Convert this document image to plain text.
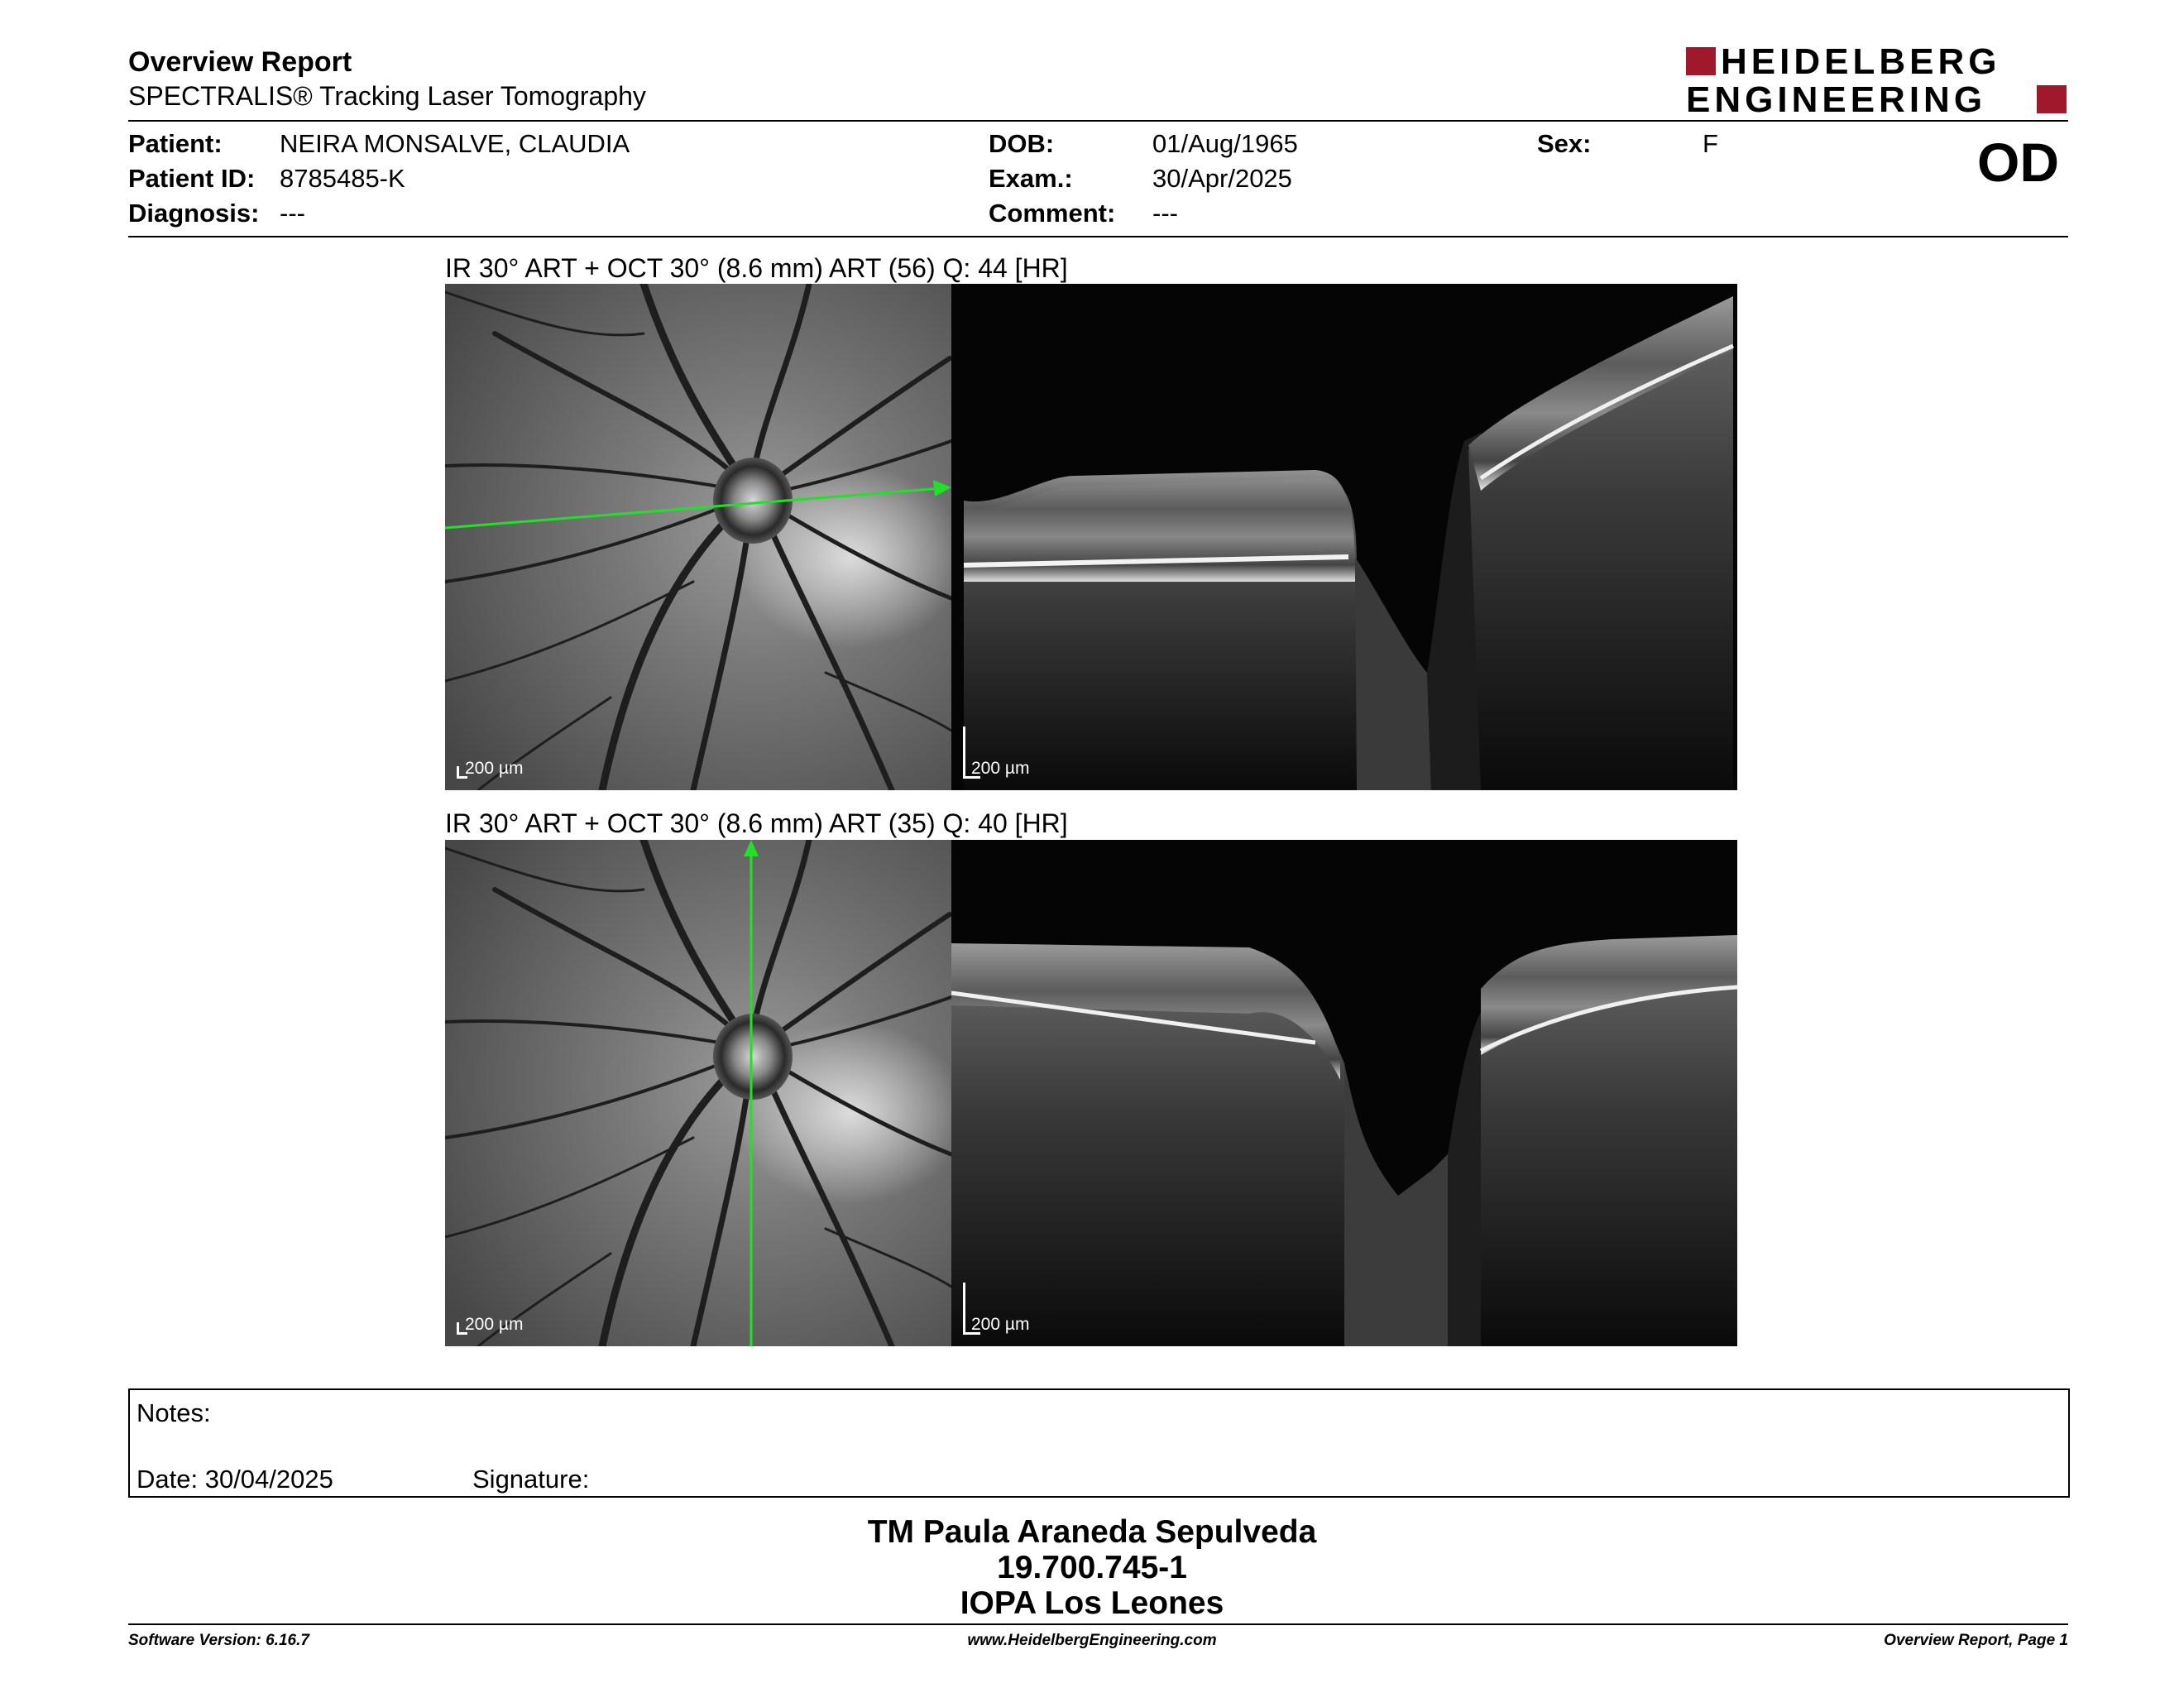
Overview Report
SPECTRALIS® Tracking Laser Tomography
HEIDELBERG
ENGINEERING
Patient: NEIRA MONSALVE, CLAUDIA
Patient ID: 8785485-K
Diagnosis: ---
DOB:	01/Aug/1965
Exam.:	30/Apr/2025
Comment: ---
Sex:	F	OD
IR 30° ART + OCT 30° (8.6 mm) ART (56) Q: 44 [HR]
200 µm	200 µm
IR 30° ART + OCT 30° (8.6 mm) ART (35) Q: 40 [HR]
200 µm	200 µm
Notes:
Date: 30/04/2025	Signature:
TM Paula Araneda Sepulveda
19.700.745-1
IOPA Los Leones
Software Version: 6.16.7	www.HeidelbergEngineering.com	Overview Report, Page 1
